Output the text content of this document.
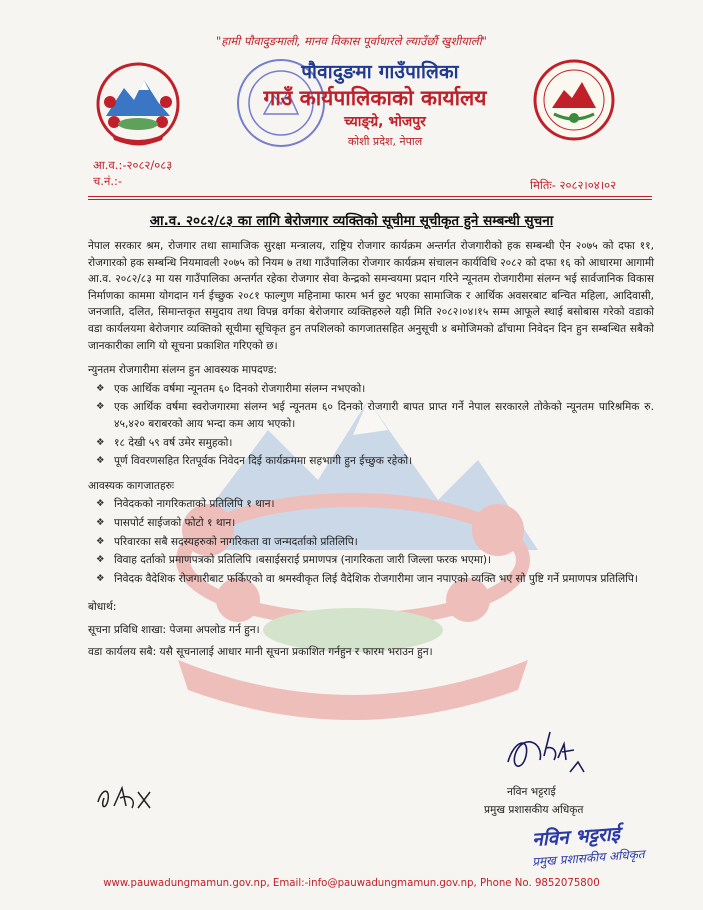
"हामी पौवादुङमाली, मानव विकास पूर्वाधारले ल्याउँछौं खुशीयाली"
पौवादुङमा गाउँपालिका
गाउँ कार्यपालिकाको कार्यालय
च्याङ्ग्रे, भोजपुर
कोशी प्रदेश, नेपाल
आ.व.:-२०८२/०८३
च.नं.:-	मितिः- २०८२।०४।०२
आ.व. २०८२/८३ का लागि बेरोजगार व्यक्तिको सूचीमा सूचीकृत हुने सम्बन्धी सुचना

नेपाल सरकार श्रम, रोजगार तथा सामाजिक सुरक्षा मन्त्रालय, राष्ट्रिय रोजगार कार्यक्रम अन्तर्गत रोजगारीको हक सम्बन्धी ऐन २०७५ को दफा ११, रोजगारको हक सम्बन्धि नियमावली २०७५ को नियम ७ तथा गाउँपालिका रोजगार कार्यक्रम संचालन कार्यविधि २०८२ को दफा १६ को आधारमा आगामी आ.व. २०८२/८३ मा यस गाउँपालिका अन्तर्गत रहेका रोजगार सेवा केन्द्रको समन्वयमा प्रदान गरिने न्यूनतम रोजगारीमा संलग्न भई सार्वजानिक विकास निर्माणका काममा योगदान गर्न ईच्छुक २०८१ फाल्गुण महिनामा फारम भर्न छुट भएका सामाजिक र आर्थिक अवसरबाट बन्चित महिला, आदिवासी, जनजाति, दलित, सिमान्तकृत समुदाय तथा विपन्न वर्गका बेरोजगार व्यक्तिहरुले यही मिति २०८२।०४।१५ सम्म आफूले स्थाई बसोबास गरेको वडाको वडा कार्यलयमा बेरोजगार व्यक्तिको सूचीमा सूचिकृत हुन तपशिलको कागजातसहित अनुसूची ४ बमोजिमको ढाँचामा निवेदन दिन हुन सम्बन्धित सबैको जानकारीका लागि यो सूचना प्रकाशित गरिएको छ।

न्युनतम रोजगारीमा संलग्न हुन आवस्यक मापदण्ड:
❖ एक आर्थिक वर्षमा न्यूनतम ६० दिनको रोजगारीमा संलग्न नभएको।
❖ एक आर्थिक वर्षमा स्वरोजगारमा संलग्न भई न्यूनतम ६० दिनको रोजगारी बापत प्राप्त गर्ने नेपाल सरकारले तोकेको न्यूनतम पारिश्रमिक रु. ४५,४२० बराबरको आय भन्दा कम आय भएको।
❖ १८ देखी ५९ वर्ष उमेर समुहको।
❖ पूर्ण विवरणसहित रितपूर्वक निवेदन दिई कार्यक्रममा सहभागी हुन ईच्छुक रहेको।
आवस्यक कागजातहरुः
❖ निवेदकको नागरिकताको प्रतिलिपि १ थान।
❖ पासपोर्ट साईजको फोटो १ थान।
❖ परिवारका सबै सदस्यहरुको नागरिकता वा जन्मदर्ताको प्रतिलिपि।
❖ विवाह दर्ताको प्रमाणपत्रको प्रतिलिपि ।बसाईसराई प्रमाणपत्र (नागरिकता जारी जिल्ला फरक भएमा)।
❖ निवेदक वैदेशिक रोजगारीबाट फर्किएको वा श्रमस्वीकृत लिई वैदेशिक रोजगारीमा जान नपाएको व्यक्ति भए सो पुष्टि गर्ने प्रमाणपत्र प्रतिलिपि।
बोधार्थ:
सूचना प्रविधि शाखा: पेजमा अपलोड गर्न हुन।
वडा कार्यलय सबै: यसै सूचनालाई आधार मानी सूचना प्रकाशित गर्नहुन र फारम भराउन हुन।
नविन भट्टराई
प्रमुख प्रशासकीय अधिकृत
नविन भट्टराई
प्रमुख प्रशासकीय अधिकृत
www.pauwadungmamun.gov.np, Email:-info@pauwadungmamun.gov.np, Phone No. 9852075800
